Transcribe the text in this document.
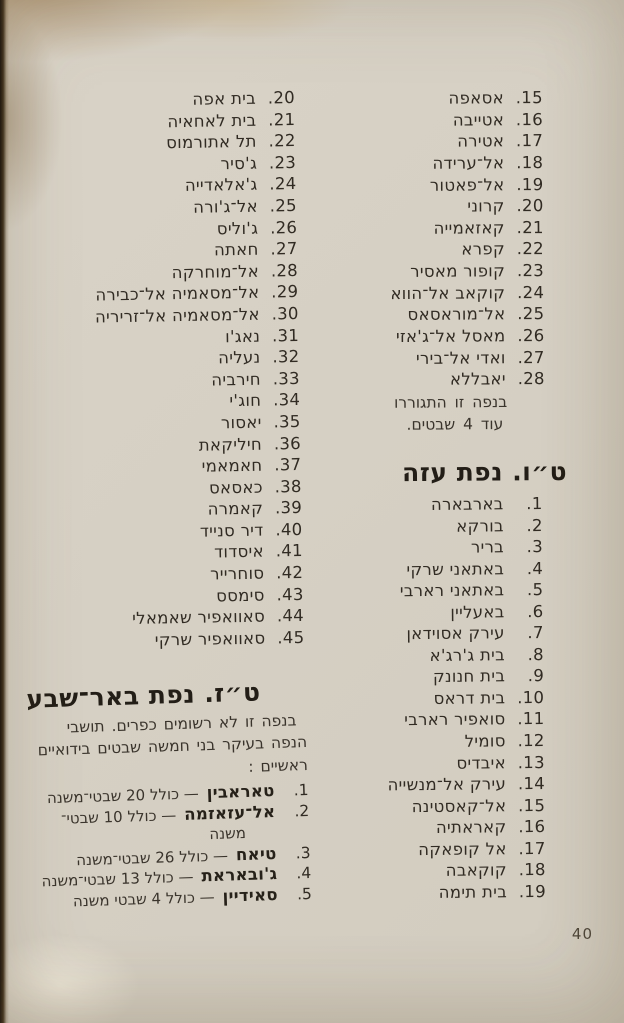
15.
אסאפה
16.
אטייבה
17.
אטירה
18.
אל־ערידה
19.
אל־פאטור
20.
קרוני
21.
קאזאמייה
22.
קפרא
23.
קופור מאסיר
24.
קוקאב אל־הווא
25.
אל־מוראסאס
26.
מאסל אל־ג'אזי
27.
ואדי אל־בירי
28.
יאבללא
בנפה זו התגוררו
עוד 4 שבטים.
ט״ו. נפת עזה
1.
בארבארה
2.
בורקא
3.
בריר
4.
באתאני שרקי
5.
באתאני רארבי
6.
באעליין
7.
עירק אסוידאן
8.
בית ג'רג'א
9.
בית חנונק
10.
בית דראס
11.
סואפיר רארבי
12.
סומיל
13.
איבדיס
14.
עירק אל־מנשייה
15.
אל־קאסטינה
16.
קאראתיה
17.
אל קופאקה
18.
קוקאבה
19.
בית תימה
20.
בית אפה
21.
בית לאחאיה
22.
תל אתורמוס
23.
ג'סיר
24.
ג'אלאדייה
25.
אל־ג'ורה
26.
ג'וליס
27.
חאתה
28.
אל־מוחרקה
29.
אל־מסאמיה אל־כבירה
30.
אל־מסאמיה אל־זריריה
31.
נאג'ו
32.
נעליה
33.
חירביה
34.
חוג'י
35.
יאסור
36.
חיליקאת
37.
חאמאמי
38.
כאסאס
39.
קאמרה
40.
דיר סנייד
41.
איסדוד
42.
סוחרייר
43.
סימסס
44.
סאוואפיר שאמאלי
45.
סאוואפיר שרקי
ט״ז. נפת באר־שבע
בנפה זו לא רשומים כפרים. תושבי
הנפה בעיקר בני חמשה שבטים בידואיים
ראשיים :
1.
טאראבין
— כולל 20 שבטי־משנה
2.
אל־עזאזמה
— כולל 10 שבטי־
משנה
3.
טיאח
— כולל 26 שבטי־משנה
4.
ג'ובאראת
— כולל 13 שבטי־משנה
5.
סאידיין
— כולל 4 שבטי משנה
40
